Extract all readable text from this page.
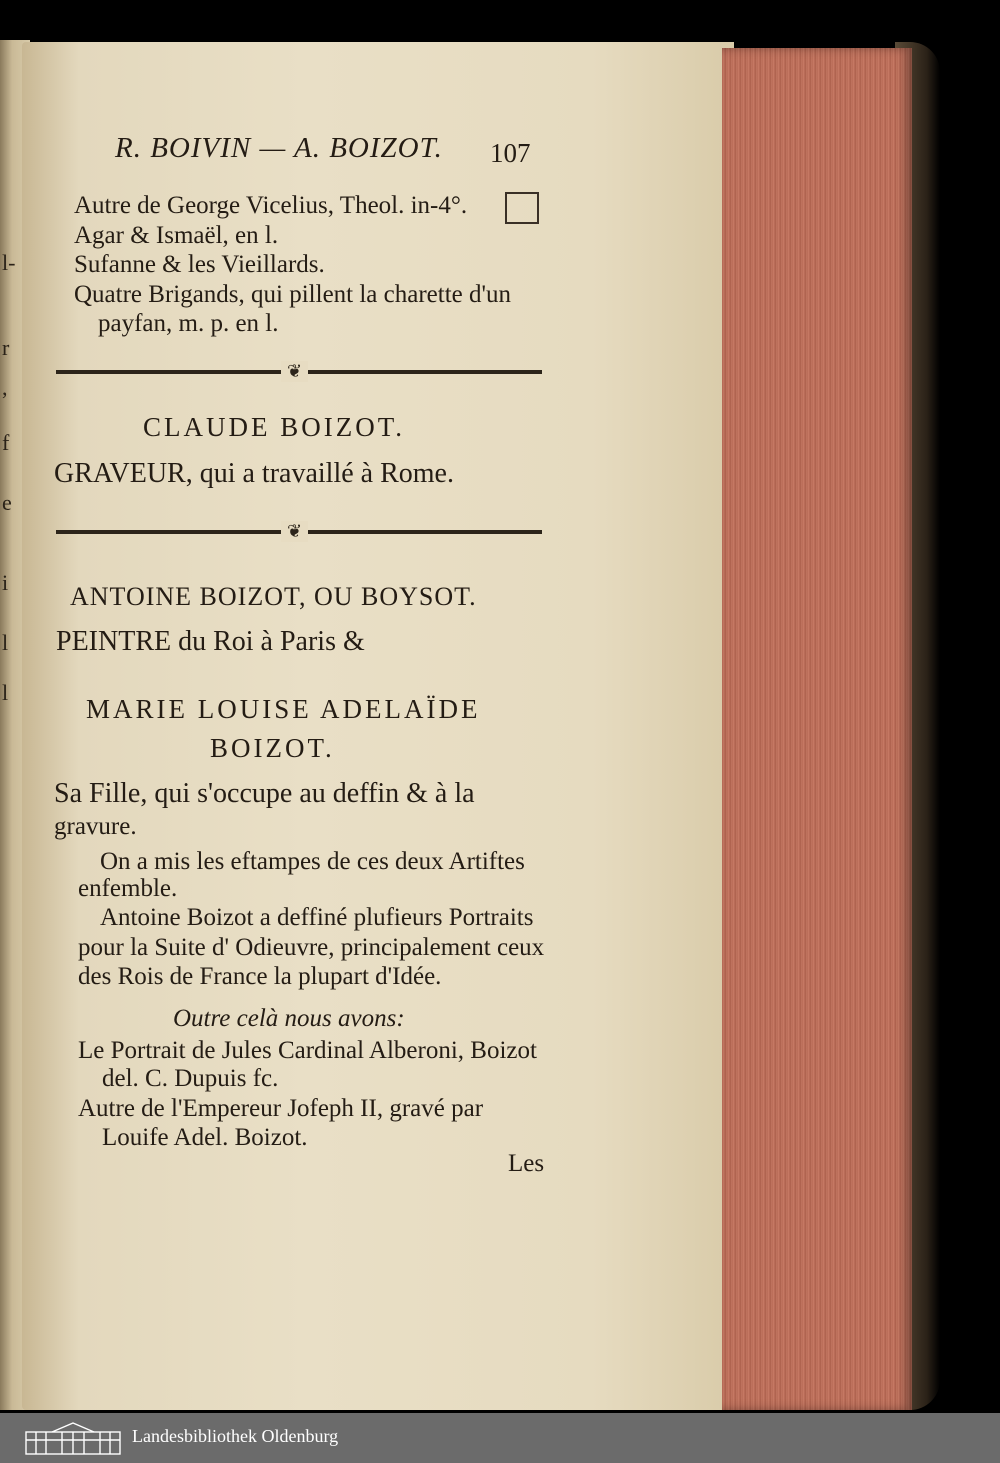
l-
r
,
f
e
i
l
l
R. BOIVIN — A. BOIZOT. 107
Autre de George Vicelius, Theol. in-4°.
Agar & Ismaël, en l.
Sufanne & les Vieillards.
Quatre Brigands, qui pillent la charette d'un
payfan, m. p. en l.
❦
CLAUDE BOIZOT.
GRAVEUR, qui a travaillé à Rome.
❦
ANTOINE BOIZOT, OU BOYSOT.
PEINTRE du Roi à Paris &
MARIE LOUISE ADELAÏDE
BOIZOT.
Sa Fille, qui s'occupe au deffin & à la
gravure.
On a mis les eftampes de ces deux Artiftes
enfemble.
Antoine Boizot a deffiné plufieurs Portraits
pour la Suite d' Odieuvre, principalement ceux
des Rois de France la plupart d'Idée.
Outre celà nous avons:
Le Portrait de Jules Cardinal Alberoni, Boizot
del. C. Dupuis fc.
Autre de l'Empereur Jofeph II, gravé par
Louife Adel. Boizot.
Les
Landesbibliothek Oldenburg
